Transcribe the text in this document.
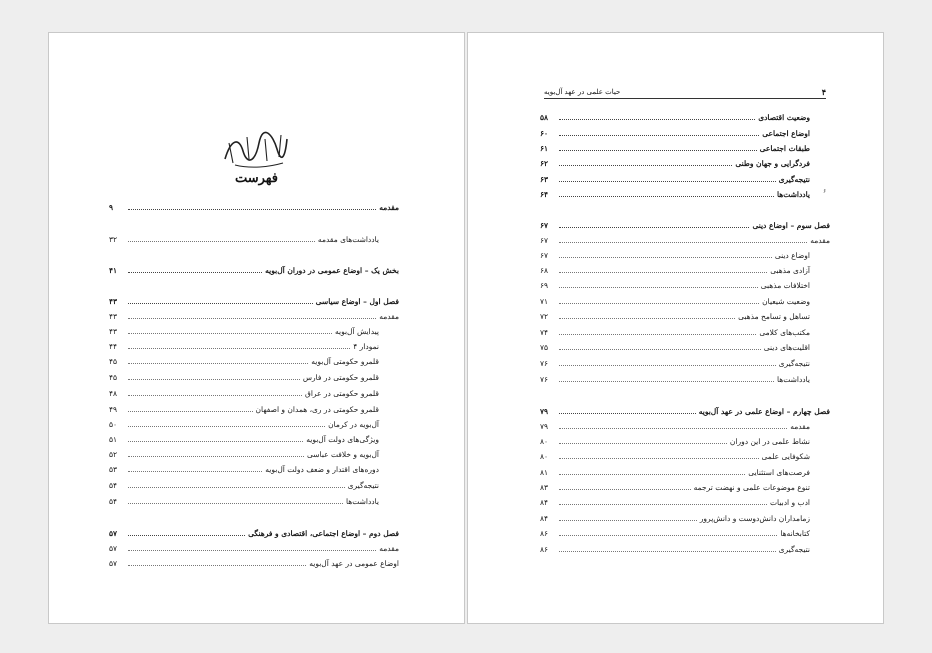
فهرست
مقدمه
۹
یادداشت‌های مقدمه
۳۲
بخش یک – اوضاع عمومی در دوران آل‌بویه
۴۱
فصل اول – اوضاع سیاسی
۴۳
مقدمه
۴۳
پیدایش آل‌بویه
۴۳
نمودار ۴
۴۴
قلمرو حکومتی آل‌بویه
۴۵
قلمرو حکومتی در فارس
۴۵
قلمرو حکومتی در عراق
۴۸
قلمرو حکومتی در ری، همدان و اصفهان
۴۹
آل‌بویه در کرمان
۵۰
ویژگی‌های دولت آل‌بویه
۵۱
آل‌بویه و خلافت عباسی
۵۲
دوره‌های اقتدار و ضعف دولت آل‌بویه
۵۳
نتیجه‌گیری
۵۴
یادداشت‌ها
۵۴
فصل دوم – اوضاع اجتماعی، اقتصادی و فرهنگی
۵۷
مقدمه
۵۷
اوضاع عمومی در عهد آل‌بویه
۵۷
حیات علمی در عهد آل‌بویه	۴
۶
وضعیت اقتصادی
۵۸
اوضاع اجتماعی
۶۰
طبقات اجتماعی
۶۱
فردگرایی و جهان وطنی
۶۲
نتیجه‌گیری
۶۳
یادداشت‌ها
۶۴
فصل سوم – اوضاع دینی
۶۷
مقدمه
۶۷
اوضاع دینی
۶۷
آزادی مذهبی
۶۸
اختلافات مذهبی
۶۹
وضعیت شیعیان
۷۱
تساهل و تسامح مذهبی
۷۲
مکتب‌های کلامی
۷۴
اقلیت‌های دینی
۷۵
نتیجه‌گیری
۷۶
یادداشت‌ها
۷۶
فصل چهارم – اوضاع علمی در عهد آل‌بویه
۷۹
مقدمه
۷۹
نشاط علمی در این دوران
۸۰
شکوفایی علمی
۸۰
فرصت‌های استثنایی
۸۱
تنوع موضوعات علمی و نهضت ترجمه
۸۳
ادب و ادبیات
۸۴
زمامداران دانش‌دوست و دانش‌پرور
۸۴
کتابخانه‌ها
۸۶
نتیجه‌گیری
۸۶
